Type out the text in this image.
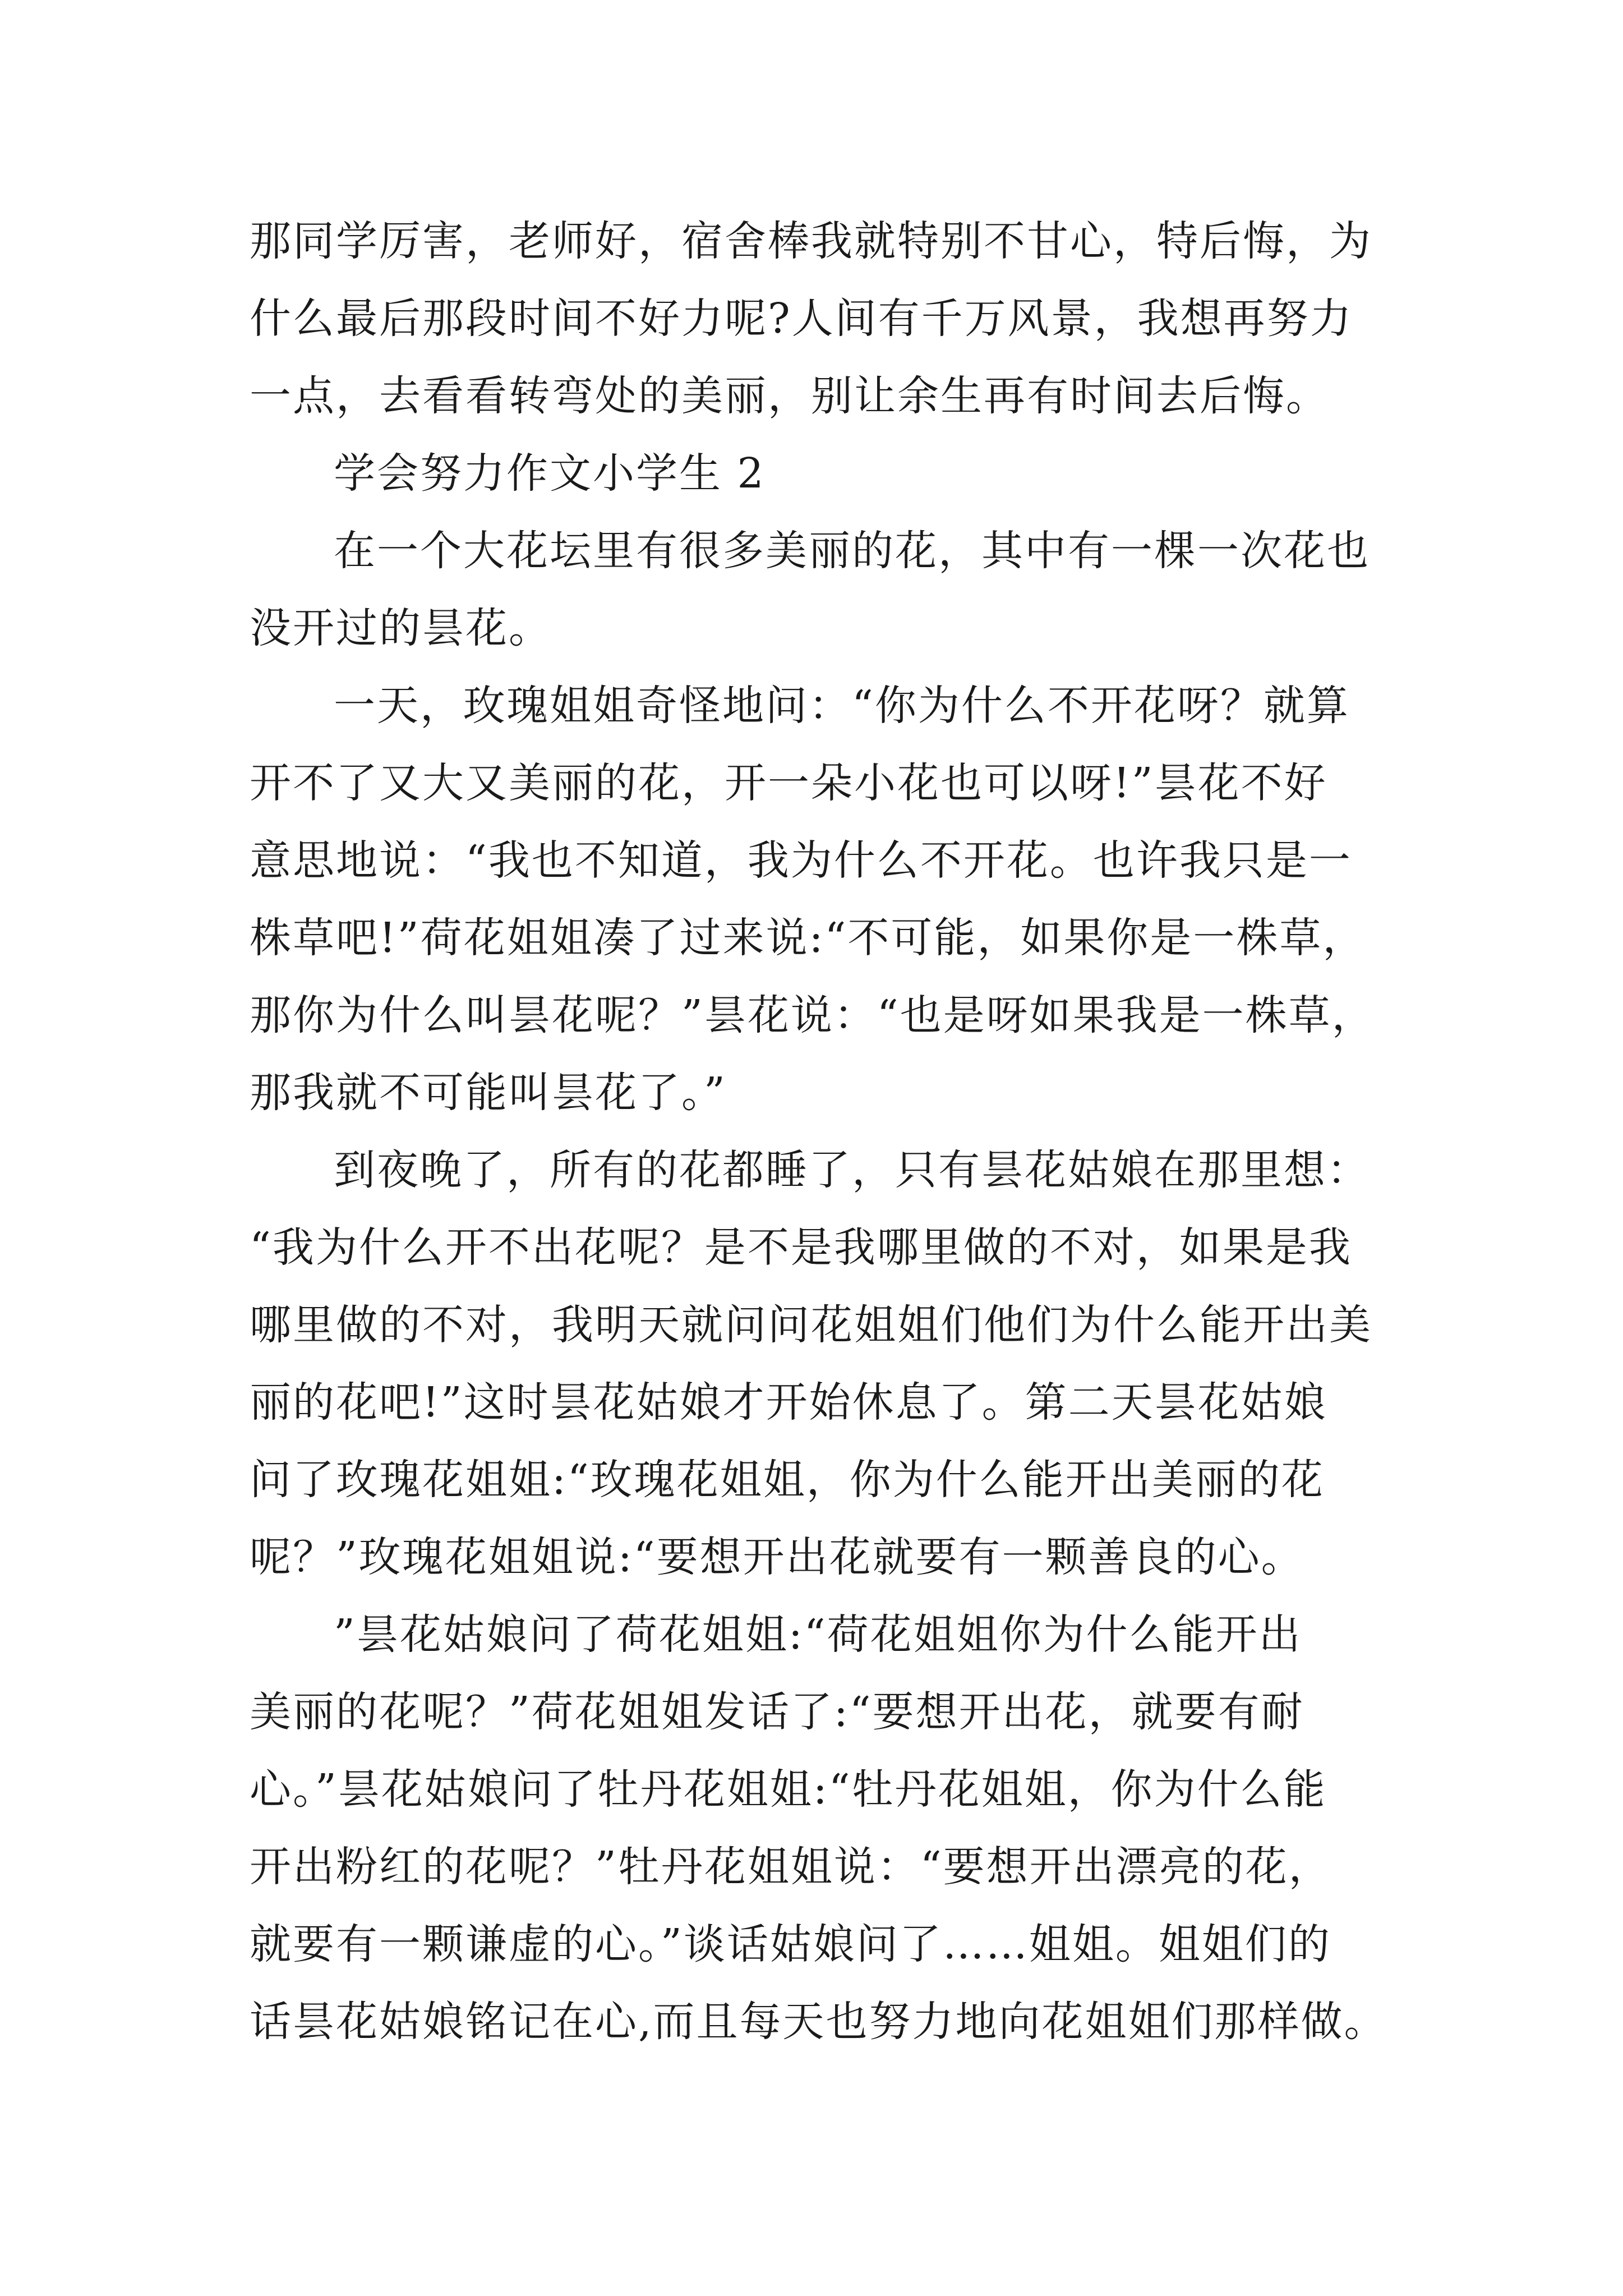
那同学厉害，老师好，宿舍棒我就特别不甘心，特后悔，为
什么最后那段时间不好力呢?人间有千万风景，我想再努力
一点，去看看转弯处的美丽，别让余生再有时间去后悔。
学会努力作文小学生 2
在一个大花坛里有很多美丽的花，其中有一棵一次花也
没开过的昙花。
一天，玫瑰姐姐奇怪地问：“你为什么不开花呀？就算
开不了又大又美丽的花，开一朵小花也可以呀!”昙花不好
意思地说：“我也不知道，我为什么不开花。也许我只是一
株草吧!”荷花姐姐凑了过来说:“不可能，如果你是一株草，
那你为什么叫昙花呢？”昙花说：“也是呀如果我是一株草，
那我就不可能叫昙花了。”
到夜晚了，所有的花都睡了，只有昙花姑娘在那里想：
“我为什么开不出花呢？是不是我哪里做的不对，如果是我
哪里做的不对，我明天就问问花姐姐们他们为什么能开出美
丽的花吧!”这时昙花姑娘才开始休息了。第二天昙花姑娘
问了玫瑰花姐姐:“玫瑰花姐姐，你为什么能开出美丽的花
呢？”玫瑰花姐姐说:“要想开出花就要有一颗善良的心。
”昙花姑娘问了荷花姐姐:“荷花姐姐你为什么能开出
美丽的花呢？”荷花姐姐发话了:“要想开出花，就要有耐
心。”昙花姑娘问了牡丹花姐姐:“牡丹花姐姐，你为什么能
开出粉红的花呢？”牡丹花姐姐说：“要想开出漂亮的花，
就要有一颗谦虚的心。”谈话姑娘问了……姐姐。姐姐们的
话昙花姑娘铭记在心,而且每天也努力地向花姐姐们那样做。
